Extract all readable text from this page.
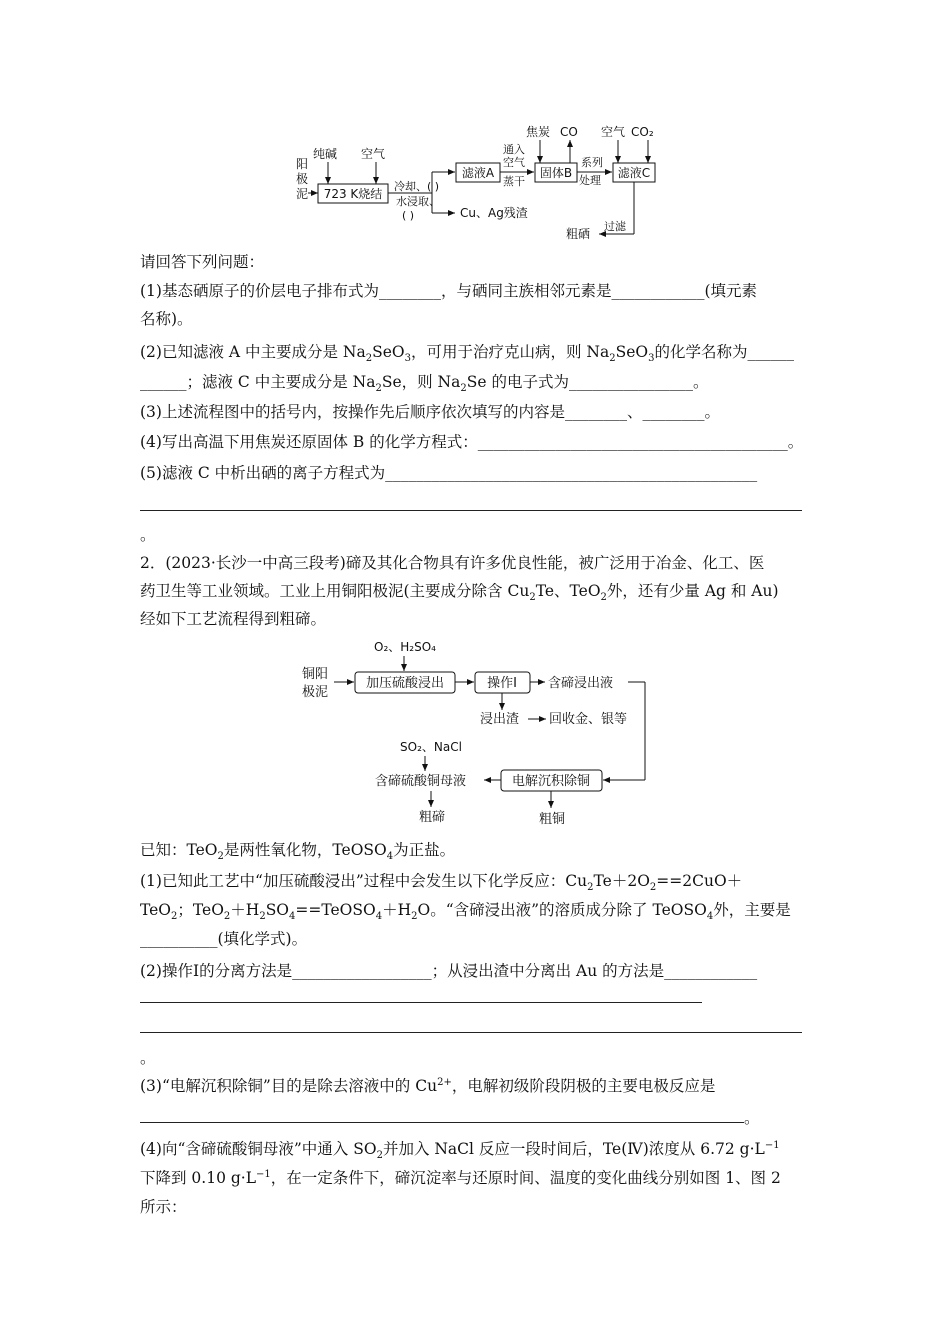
阳
极
泥 723 K烧结
纯碱 空气
冷却、( )
水浸取、
( )	Cu、Ag残渣
滤液A
通入
空气
蒸干
固体B
焦炭 CO
系列
处理
滤液C
空气 CO₂
过滤
粗硒
请回答下列问题：
(1)基态硒原子的价层电子排布式为________，与硒同主族相邻元素是____________(填元素
名称)。
(2)已知滤液 A 中主要成分是 $Na_2SeO_3$，可用于治疗克山病，则 $Na_2SeO_3$的化学名称为______
______；滤液 C 中主要成分是 $Na_2Se$，则 $Na_2Se$ 的电子式为________________。
(3)上述流程图中的括号内，按操作先后顺序依次填写的内容是________、________。
(4)写出高温下用焦炭还原固体 B 的化学方程式：________________________________________。
(5)滤液 C 中析出硒的离子方程式为________________________________________________
。
2．(2023·长沙一中高三段考)碲及其化合物具有许多优良性能，被广泛用于冶金、化工、医
药卫生等工业领域。工业上用铜阳极泥(主要成分除含 $Cu_2Te$、TeO$_2$外，还有少量 Ag 和 Au)
经如下工艺流程得到粗碲。
O₂、H₂SO₄
铜阳
极泥
加压硫酸浸出	操作Ⅰ 含碲浸出液
浸出渣 回收金、银等
SO₂、NaCl
电解沉积除铜
含碲硫酸铜母液
粗碲	粗铜
已知：TeO$_2$是两性氧化物，TeOSO$_4$为正盐。
(1)已知此工艺中“加压硫酸浸出”过程中会发生以下化学反应：$Cu_2Te+2O_2==2CuO+$
TeO$_2$；$TeO_2+H_2SO_4==TeOSO_4+H_2O$。“含碲浸出液”的溶质成分除了 TeOSO$_4$外，主要是
__________(填化学式)。
(2)操作Ⅰ的分离方法是__________________；从浸出渣中分离出 Au 的方法是____________
。
(3)“电解沉积除铜”目的是除去溶液中的 $Cu^{2+}$，电解初级阶段阴极的主要电极反应是
。
(4)向“含碲硫酸铜母液”中通入 $SO_2$并加入 NaCl 反应一段时间后，Te(Ⅳ)浓度从 6.72 $g\cdot L^{-1}$
下降到 0.10 $g\cdot L^{-1}$，在一定条件下，碲沉淀率与还原时间、温度的变化曲线分别如图 1、图 2
所示：
